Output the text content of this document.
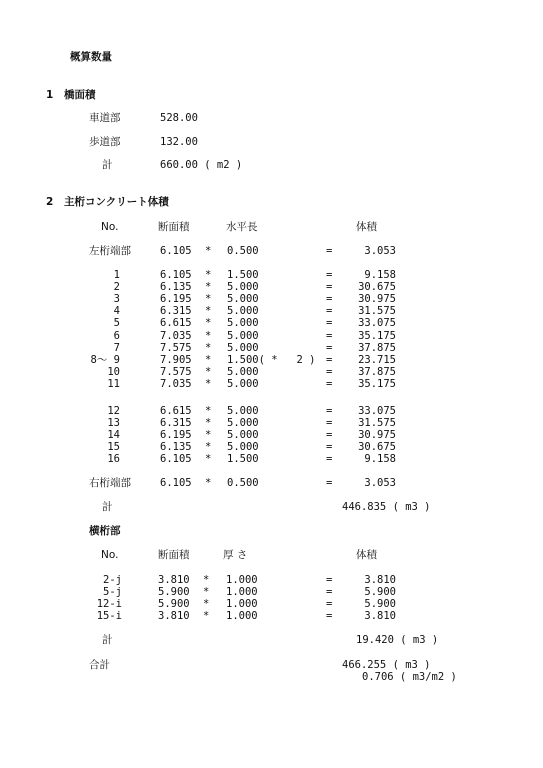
概算数量
1 橋面積
車道部	528.00
歩道部	132.00
計	660.00 ( m2 )
2 主桁コンクリート体積
No.	断面積	水平長	体積
左桁端部	6.105 * 0.500	=	3.053
1	6.105 * 1.500	=	9.158
2	6.135 * 5.000	=	30.675
3	6.195 * 5.000	=	30.975
4	6.315 * 5.000	=	31.575
5	6.615 * 5.000	=	33.075
6	7.035 * 5.000	=	35.175
7	7.575 * 5.000	=	37.875
8～ 9	7.905 * 1.500( *   2 ) =	23.715
10	7.575 * 5.000	=	37.875
11	7.035 * 5.000	=	35.175
12	6.615 * 5.000	=	33.075
13	6.315 * 5.000	=	31.575
14	6.195 * 5.000	=	30.975
15	6.135 * 5.000	=	30.675
16	6.105 * 1.500	=	9.158
右桁端部	6.105 * 0.500	=	3.053
計	446.835 ( m3 )
横桁部
No.	断面積	厚 さ	体積
2-j	3.810 * 1.000	=	3.810
5-j	5.900 * 1.000	=	5.900
12-i	5.900 * 1.000	=	5.900
15-i	3.810 * 1.000	=	3.810
計	19.420 ( m3 )
合計	466.255 ( m3 )
0.706 ( m3/m2 )
